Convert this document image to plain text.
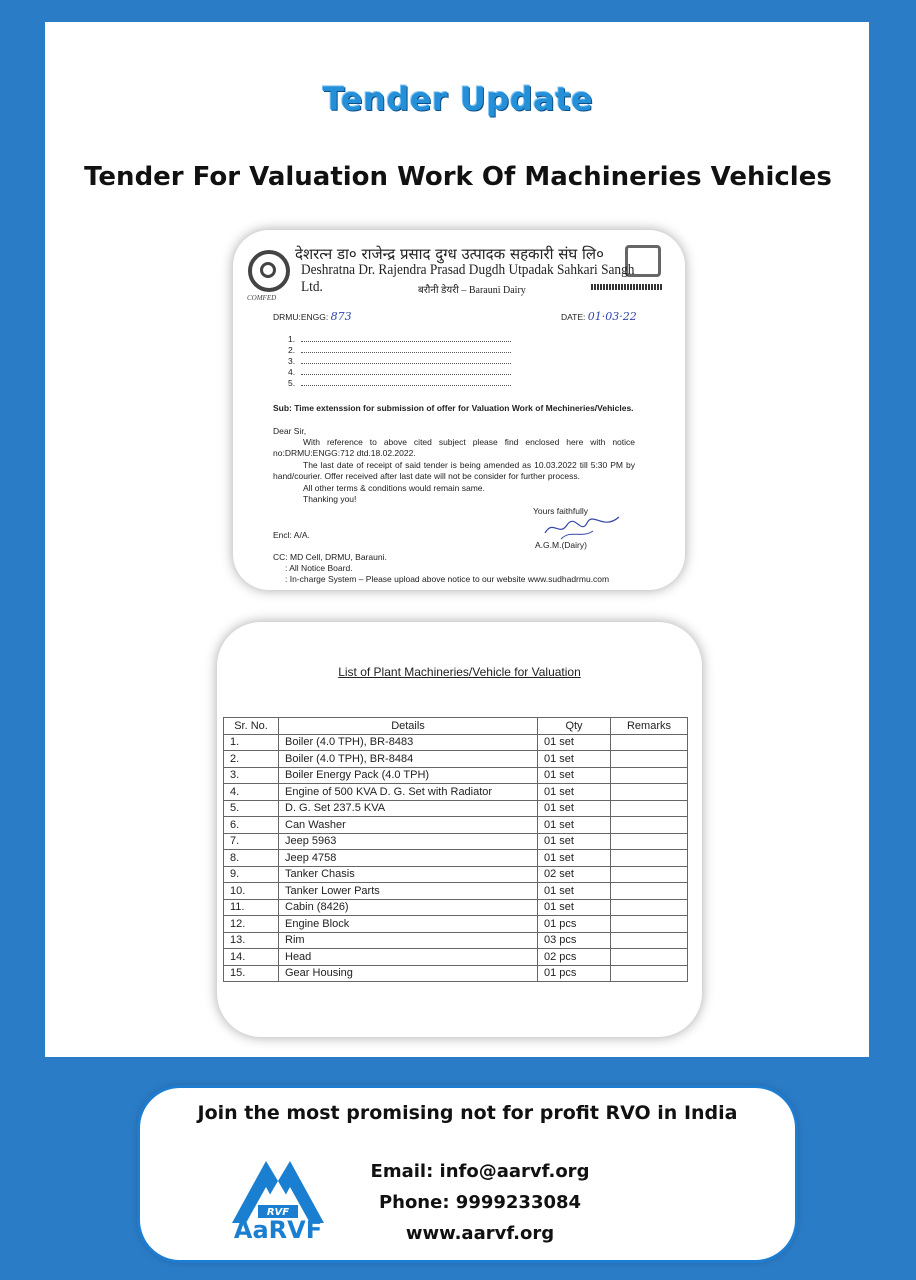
Tender Update
Tender For Valuation Work Of Machineries Vehicles
COMFED
देशरत्न डा० राजेन्द्र प्रसाद दुग्ध उत्पादक सहकारी संघ लि०
Deshratna Dr. Rajendra Prasad Dugdh Utpadak Sahkari Sangh Ltd.	बरौनी डेयरी – Barauni Dairy
DRMU:ENGG: 873	DATE: 01·03·22
1.
2.
3.
4.
5.
Sub: Time extenssion for submission of offer for Valuation Work of Mechineries/Vehicles.
Dear Sir,
With reference to above cited subject please find enclosed here with notice no:DRMU:ENGG:712 dtd.18.02.2022.
The last date of receipt of said tender is being amended as 10.03.2022 till 5:30 PM by hand/courier. Offer received after last date will not be consider for further process.
All other terms & conditions would remain same.
Thanking you!
Yours faithfully
A.G.M.(Dairy)
Encl: A/A.
CC: MD Cell, DRMU, Barauni.
: All Notice Board.
: In-charge System – Please upload above notice to our website www.sudhadrmu.com
List of Plant Machineries/Vehicle for Valuation
Sr. No.	Details	Qty	Remarks
1.	Boiler (4.0 TPH), BR-8483	01 set	
2.	Boiler (4.0 TPH), BR-8484	01 set	
3.	Boiler Energy Pack (4.0 TPH)	01 set	
4.	Engine of 500 KVA D. G. Set with Radiator	01 set	
5.	D. G. Set 237.5 KVA	01 set	
6.	Can Washer	01 set	
7.	Jeep 5963	01 set	
8.	Jeep 4758	01 set	
9.	Tanker Chasis	02 set	
10.	Tanker Lower Parts	01 set	
11.	Cabin (8426)	01 set	
12.	Engine Block	01 pcs	
13.	Rim	03 pcs	
14.	Head	02 pcs	
15.	Gear Housing	01 pcs	
Join the most promising not for profit RVO in India
RVF
AaRVF
Email: info@aarvf.org
Phone: 9999233084
www.aarvf.org
